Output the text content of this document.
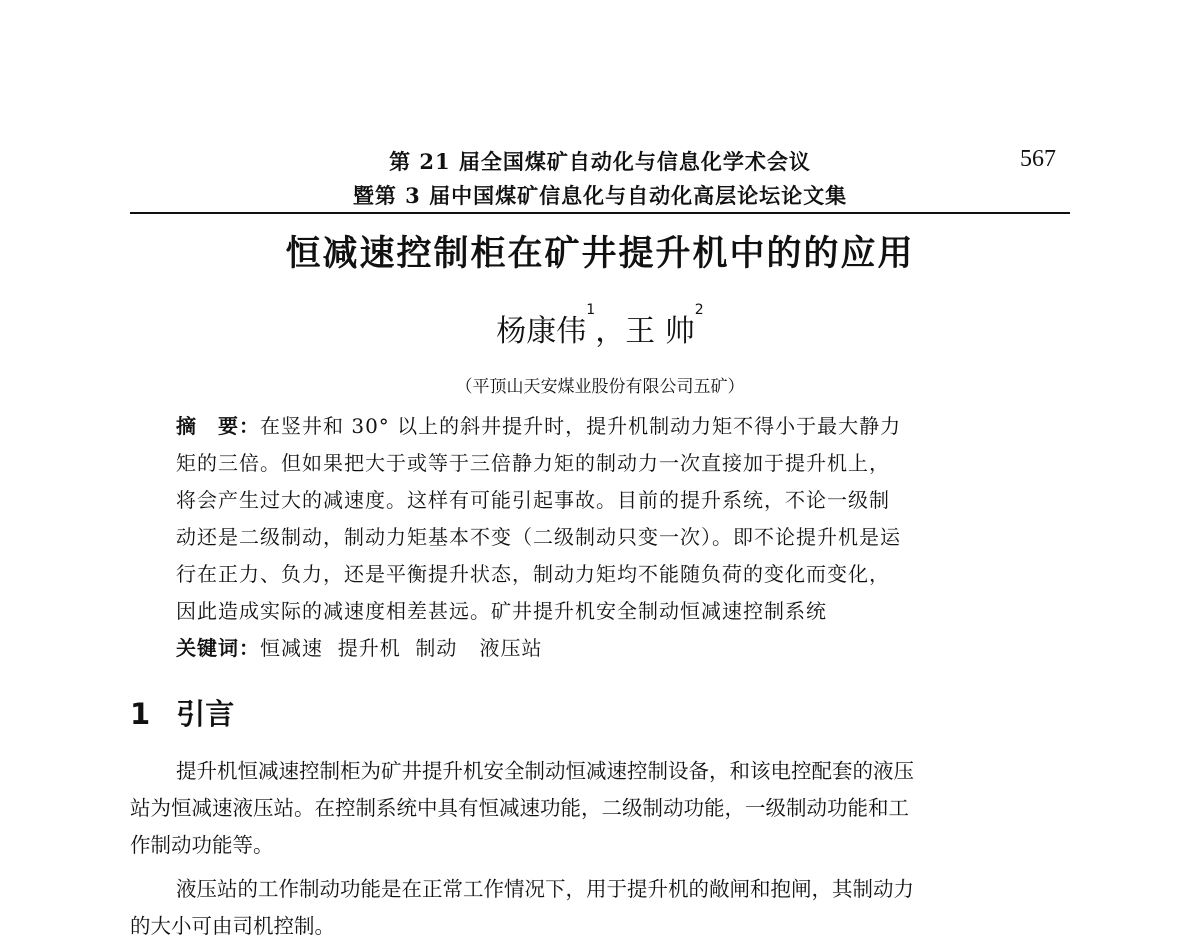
第 21 届全国煤矿自动化与信息化学术会议
暨第 3 届中国煤矿信息化与自动化高层论坛论文集
567
恒减速控制柜在矿井提升机中的的应用
杨康伟$^1$，王 帅$^2$
（平顶山天安煤业股份有限公司五矿）
摘　要：在竖井和 30° 以上的斜井提升时，提升机制动力矩不得小于最大静力
矩的三倍。但如果把大于或等于三倍静力矩的制动力一次直接加于提升机上，
将会产生过大的减速度。这样有可能引起事故。目前的提升系统，不论一级制
动还是二级制动，制动力矩基本不变（二级制动只变一次）。即不论提升机是运
行在正力、负力，还是平衡提升状态，制动力矩均不能随负荷的变化而变化，
因此造成实际的减速度相差甚远。矿井提升机安全制动恒减速控制系统
关键词：恒减速  提升机  制动   液压站
1 引言
提升机恒减速控制柜为矿井提升机安全制动恒减速控制设备，和该电控配套的液压
站为恒减速液压站。在控制系统中具有恒减速功能，二级制动功能，一级制动功能和工
作制动功能等。
液压站的工作制动功能是在正常工作情况下，用于提升机的敞闸和抱闸，其制动力
的大小可由司机控制。
